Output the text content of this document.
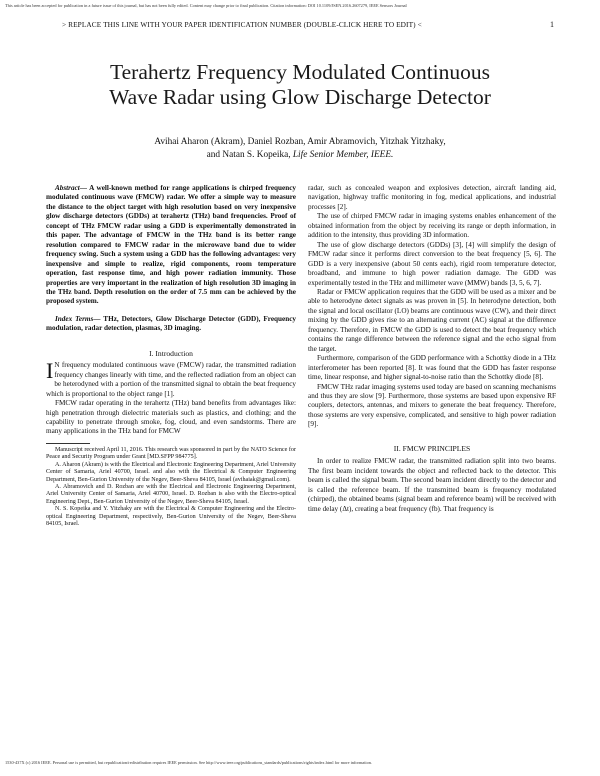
This article has been accepted for publication in a future issue of this journal, but has not been fully edited. Content may change prior to final publication. Citation information: DOI 10.1109/JSEN.2016.2607279, IEEE Sensors Journal
> REPLACE THIS LINE WITH YOUR PAPER IDENTIFICATION NUMBER (DOUBLE-CLICK HERE TO EDIT) <	1
Terahertz Frequency Modulated Continuous
Wave Radar using Glow Discharge Detector
Avihai Aharon (Akram), Daniel Rozban, Amir Abramovich, Yitzhak Yitzhaky,
and Natan S. Kopeika, Life Senior Member, IEEE.

Abstract— A well-known method for range applications is chirped frequency modulated continuous wave (FMCW) radar. We offer a simple way to measure the distance to the object target with high resolution based on very inexpensive glow discharge detectors (GDDs) at terahertz (THz) band frequencies. Proof of concept of THz FMCW radar using a GDD is experimentally demonstrated in this paper. The advantage of FMCW in the THz band is its better range resolution compared to FMCW radar in the microwave band due to wider frequency swing. Such a system using a GDD has the following advantages: very inexpensive and simple to realize, rigid components, room temperature operation, fast response time, and high power radiation immunity. Those properties are very important in the realization of high resolution 3D imaging in the THz band. Depth resolution on the order of 7.5 mm can be achieved by the proposed system.

Index Terms— THz, Detectors, Glow Discharge Detector (GDD), Frequency modulation, radar detection, plasmas, 3D imaging.

I. Introduction

I N frequency modulated continuous wave (FMCW) radar, the transmitted radiation frequency changes linearly with time, and the reflected radiation from an object can be heterodyned with a portion of the transmitted signal to obtain the beat frequency which is proportional to the object range [1].

FMCW radar operating in the terahertz (THz) band benefits from advantages like: high penetration through dielectric materials such as plastics, and clothing; and the capability to penetrate through smoke, fog, cloud, and even sandstorms. There are many applications in the THz band for FMCW

Manuscript received April 11, 2016. This research was sponsored in part by the NATO Science for Peace and Security Program under Grant [MD.SFPP 984775].

A. Aharon (Akram) is with the Electrical and Electronic Engineering Department, Ariel University Center of Samaria, Ariel 40700, Israel. and also with the Electrical & Computer Engineering Department, Ben-Gurion University of the Negev, Beer-Sheva 84105, Israel (avihaiak@gmail.com).

A. Abramovich and D. Rozban are with the Electrical and Electronic Engineering Department, Ariel University Center of Samaria, Ariel 40700, Israel. D. Rozban is also with the Electro-optical Engineering Dept., Ben-Gurion University of the Negev, Beer-Sheva 84105, Israel.

N. S. Kopeika and Y. Yitzhaky are with the Electrical & Computer Engineering and the Electro-optical Engineering Department, respectively, Ben-Gurion University of the Negev, Beer-Sheva 84105, Israel.

radar, such as concealed weapon and explosives detection, aircraft landing aid, navigation, highway traffic monitoring in fog, medical applications, and industrial processes [2].

The use of chirped FMCW radar in imaging systems enables enhancement of the obtained information from the object by receiving its range or depth information, in addition to the intensity, thus providing 3D information.

The use of glow discharge detectors (GDDs) [3], [4] will simplify the design of FMCW radar since it performs direct conversion to the beat frequency [5, 6]. The GDD is a very inexpensive (about 50 cents each), rigid room temperature detector, broadband, and immune to high power radiation damage. The GDD was experimentally tested in the THz and millimeter wave (MMW) bands [3, 5, 6, 7].

Radar or FMCW application requires that the GDD will be used as a mixer and be able to heterodyne detect signals as was proven in [5]. In heterodyne detection, both the signal and local oscillator (LO) beams are continuous wave (CW), and their direct mixing by the GDD gives rise to an alternating current (AC) signal at the difference frequency. Therefore, in FMCW the GDD is used to detect the beat frequency which contains the range difference between the reference signal and the echo signal from the target.

Furthermore, comparison of the GDD performance with a Schottky diode in a THz interferometer has been reported [8]. It was found that the GDD has faster response time, linear response, and higher signal-to-noise ratio than the Schottky diode [8].

FMCW THz radar imaging systems used today are based on scanning mechanisms and thus they are slow [9]. Furthermore, those systems are based upon expensive RF couplers, detectors, antennas, and mixers to generate the beat frequency. Therefore, those systems are very expensive, complicated, and sensitive to high power radiation [9].

II. FMCW PRINCIPLES

In order to realize FMCW radar, the transmitted radiation split into two beams. The first beam incident towards the object and reflected back to the detector. This beam is called the signal beam. The second beam incident directly to the detector and is called the reference beam. If the transmitted beam is frequency modulated (chirped), the obtained beams (signal beam and reference beam) will be received with time delay (Δt), creating a beat frequency (fb). That frequency is

1530-437X (c) 2016 IEEE. Personal use is permitted, but republication/redistribution requires IEEE permission. See http://www.ieee.org/publications_standards/publications/rights/index.html for more information.
